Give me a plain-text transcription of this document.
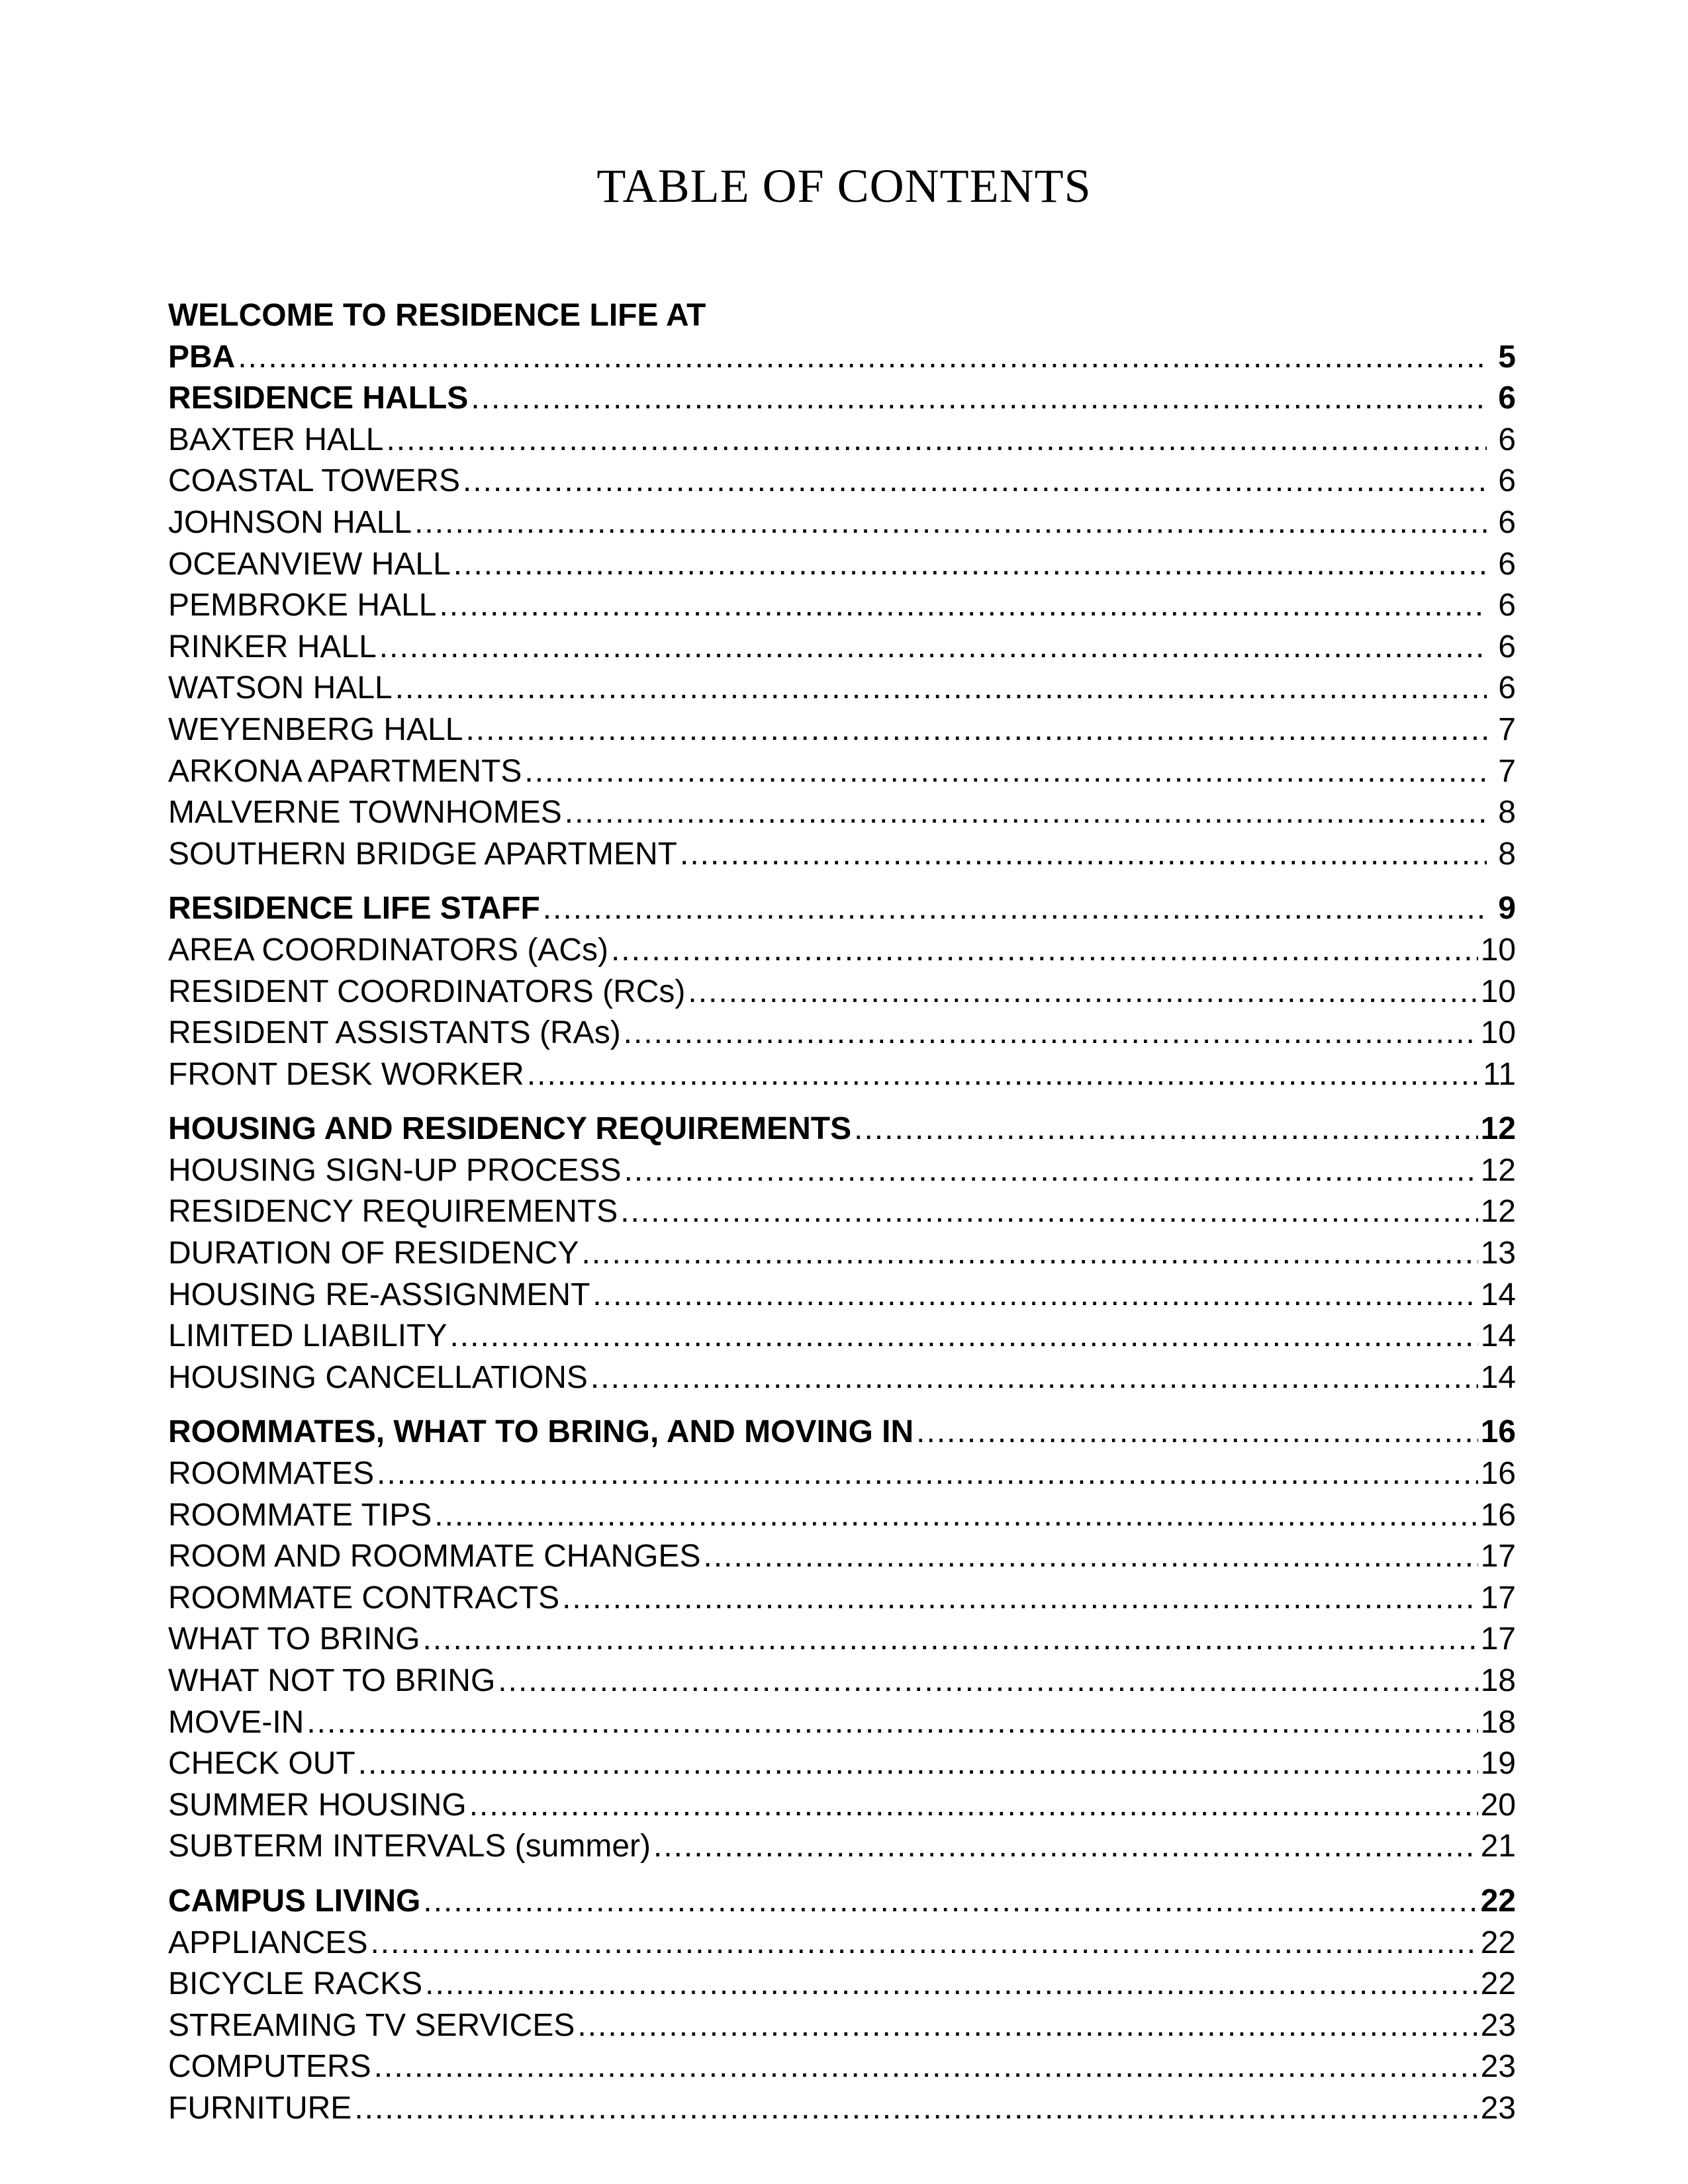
TABLE OF CONTENTS
WELCOME TO RESIDENCE LIFE AT
PBA .....	5
RESIDENCE HALLS .....	6
BAXTER HALL .....	6
COASTAL TOWERS .....	6
JOHNSON HALL .....	6
OCEANVIEW HALL .....	6
PEMBROKE HALL .....	6
RINKER HALL .....	6
WATSON HALL .....	6
WEYENBERG HALL .....	7
ARKONA APARTMENTS .....	7
MALVERNE TOWNHOMES .....	8
SOUTHERN BRIDGE APARTMENT .....	8
RESIDENCE LIFE STAFF .....	9
AREA COORDINATORS (ACs) .....	10
RESIDENT COORDINATORS (RCs) .....	10
RESIDENT ASSISTANTS (RAs) .....	10
FRONT DESK WORKER .....	11
HOUSING AND RESIDENCY REQUIREMENTS .....	12
HOUSING SIGN-UP PROCESS .....	12
RESIDENCY REQUIREMENTS .....	12
DURATION OF RESIDENCY .....	13
HOUSING RE-ASSIGNMENT .....	14
LIMITED LIABILITY .....	14
HOUSING CANCELLATIONS .....	14
ROOMMATES, WHAT TO BRING, AND MOVING IN .....	16
ROOMMATES .....	16
ROOMMATE TIPS .....	16
ROOM AND ROOMMATE CHANGES .....	17
ROOMMATE CONTRACTS .....	17
WHAT TO BRING .....	17
WHAT NOT TO BRING .....	18
MOVE-IN .....	18
CHECK OUT .....	19
SUMMER HOUSING .....	20
SUBTERM INTERVALS (summer) .....	21
CAMPUS LIVING .....	22
APPLIANCES .....	22
BICYCLE RACKS .....	22
STREAMING TV SERVICES .....	23
COMPUTERS .....	23
FURNITURE .....	23
